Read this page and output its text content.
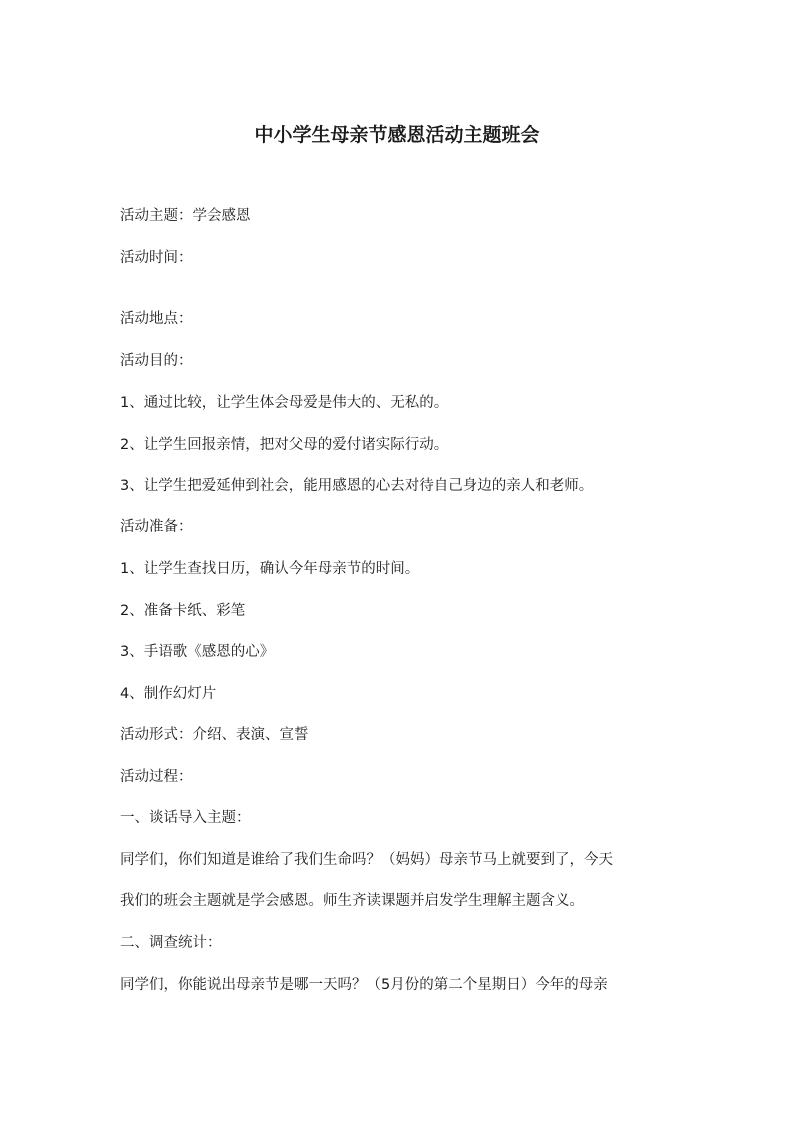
中小学生母亲节感恩活动主题班会
活动主题：学会感恩
活动时间：
活动地点：
活动目的：
1、通过比较，让学生体会母爱是伟大的、无私的。
2、让学生回报亲情，把对父母的爱付诸实际行动。
3、让学生把爱延伸到社会，能用感恩的心去对待自己身边的亲人和老师。
活动准备：
1、让学生查找日历，确认今年母亲节的时间。
2、准备卡纸、彩笔
3、手语歌《感恩的心》
4、制作幻灯片
活动形式：介绍、表演、宣誓
活动过程：
一、谈话导入主题：
同学们，你们知道是谁给了我们生命吗？（妈妈）母亲节马上就要到了，今天
我们的班会主题就是学会感恩。师生齐读课题并启发学生理解主题含义。
二、调查统计：
同学们，你能说出母亲节是哪一天吗？（5月份的第二个星期日）今年的母亲
